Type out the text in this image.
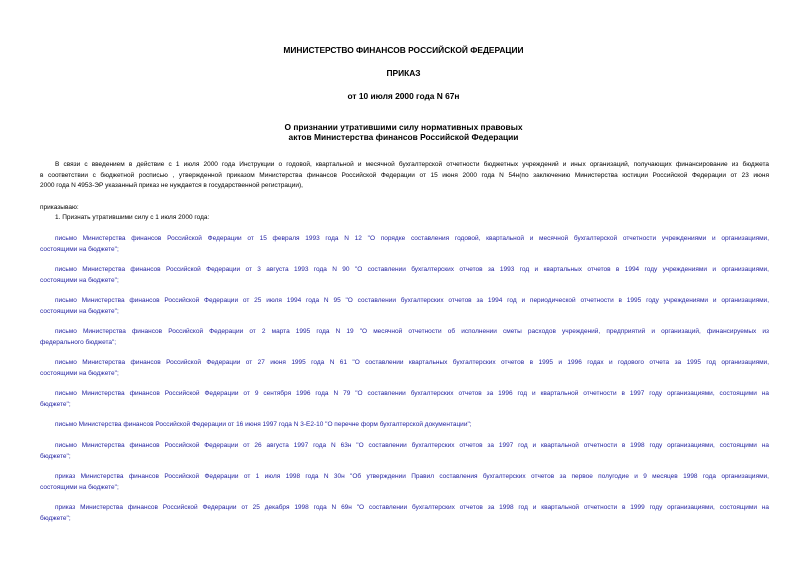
МИНИСТЕРСТВО ФИНАНСОВ РОССИЙСКОЙ ФЕДЕРАЦИИ
ПРИКАЗ
от 10 июля 2000 года N 67н
О признании утратившими силу нормативных правовых
актов Министерства финансов Российской Федерации
В связи с введением в действие с 1 июля 2000 года Инструкции о годовой, квартальной и месячной бухгалтерской отчетности бюджетных учреждений и иных организаций, получающих финансирование из бюджета
в соответствии с бюджетной росписью , утвержденной приказом Министерства финансов Российской Федерации от 15 июня 2000 года N 54н(по заключению Министерства юстиции Российской Федерации от 23 июня
2000 года N 4953-ЭР указанный приказ не нуждается в государственной регистрации),
приказываю:
1. Признать утратившими силу с 1 июля 2000 года:
письмо Министерства финансов Российской Федерации от 15 февраля 1993 года N 12 "О порядке составления годовой, квартальной и месячной бухгалтерской отчетности учреждениями и организациями,
состоящими на бюджете";
письмо Министерства финансов Российской Федерации от 3 августа 1993 года N 90 "О составлении бухгалтерских отчетов за 1993 год и квартальных отчетов в 1994 году учреждениями и организациями,
состоящими на бюджете";
письмо Министерства финансов Российской Федерации от 25 июля 1994 года N 95 "О составлении бухгалтерских отчетов за 1994 год и периодической отчетности в 1995 году учреждениями и организациями,
состоящими на бюджете";
письмо Министерства финансов Российской Федерации от 2 марта 1995 года N 19 "О месячной отчетности об исполнении сметы расходов учреждений, предприятий и организаций, финансируемых из
федерального бюджета";
письмо Министерства финансов Российской Федерации от 27 июня 1995 года N 61 "О составлении квартальных бухгалтерских отчетов в 1995 и 1996 годах и годового отчета за 1995 год организациями,
состоящими на бюджете";
письмо Министерства финансов Российской Федерации от 9 сентября 1996 года N 79 "О составлении бухгалтерских отчетов за 1996 год и квартальной отчетности в 1997 году организациями, состоящими на
бюджете";
письмо Министерства финансов Российской Федерации от 16 июня 1997 года N 3-Е2-10 "О перечне форм бухгалтерской документации";
письмо Министерства финансов Российской Федерации от 26 августа 1997 года N 63н "О составлении бухгалтерских отчетов за 1997 год и квартальной отчетности в 1998 году организациями, состоящими на
бюджете";
приказ Министерства финансов Российской Федерации от 1 июля 1998 года N 30н "Об утверждении Правил составления бухгалтерских отчетов за первое полугодие и 9 месяцев 1998 года организациями,
состоящими на бюджете";
приказ Министерства финансов Российской Федерации от 25 декабря 1998 года N 69н "О составлении бухгалтерских отчетов за 1998 год и квартальной отчетности в 1999 году организациями, состоящими на
бюджете";
